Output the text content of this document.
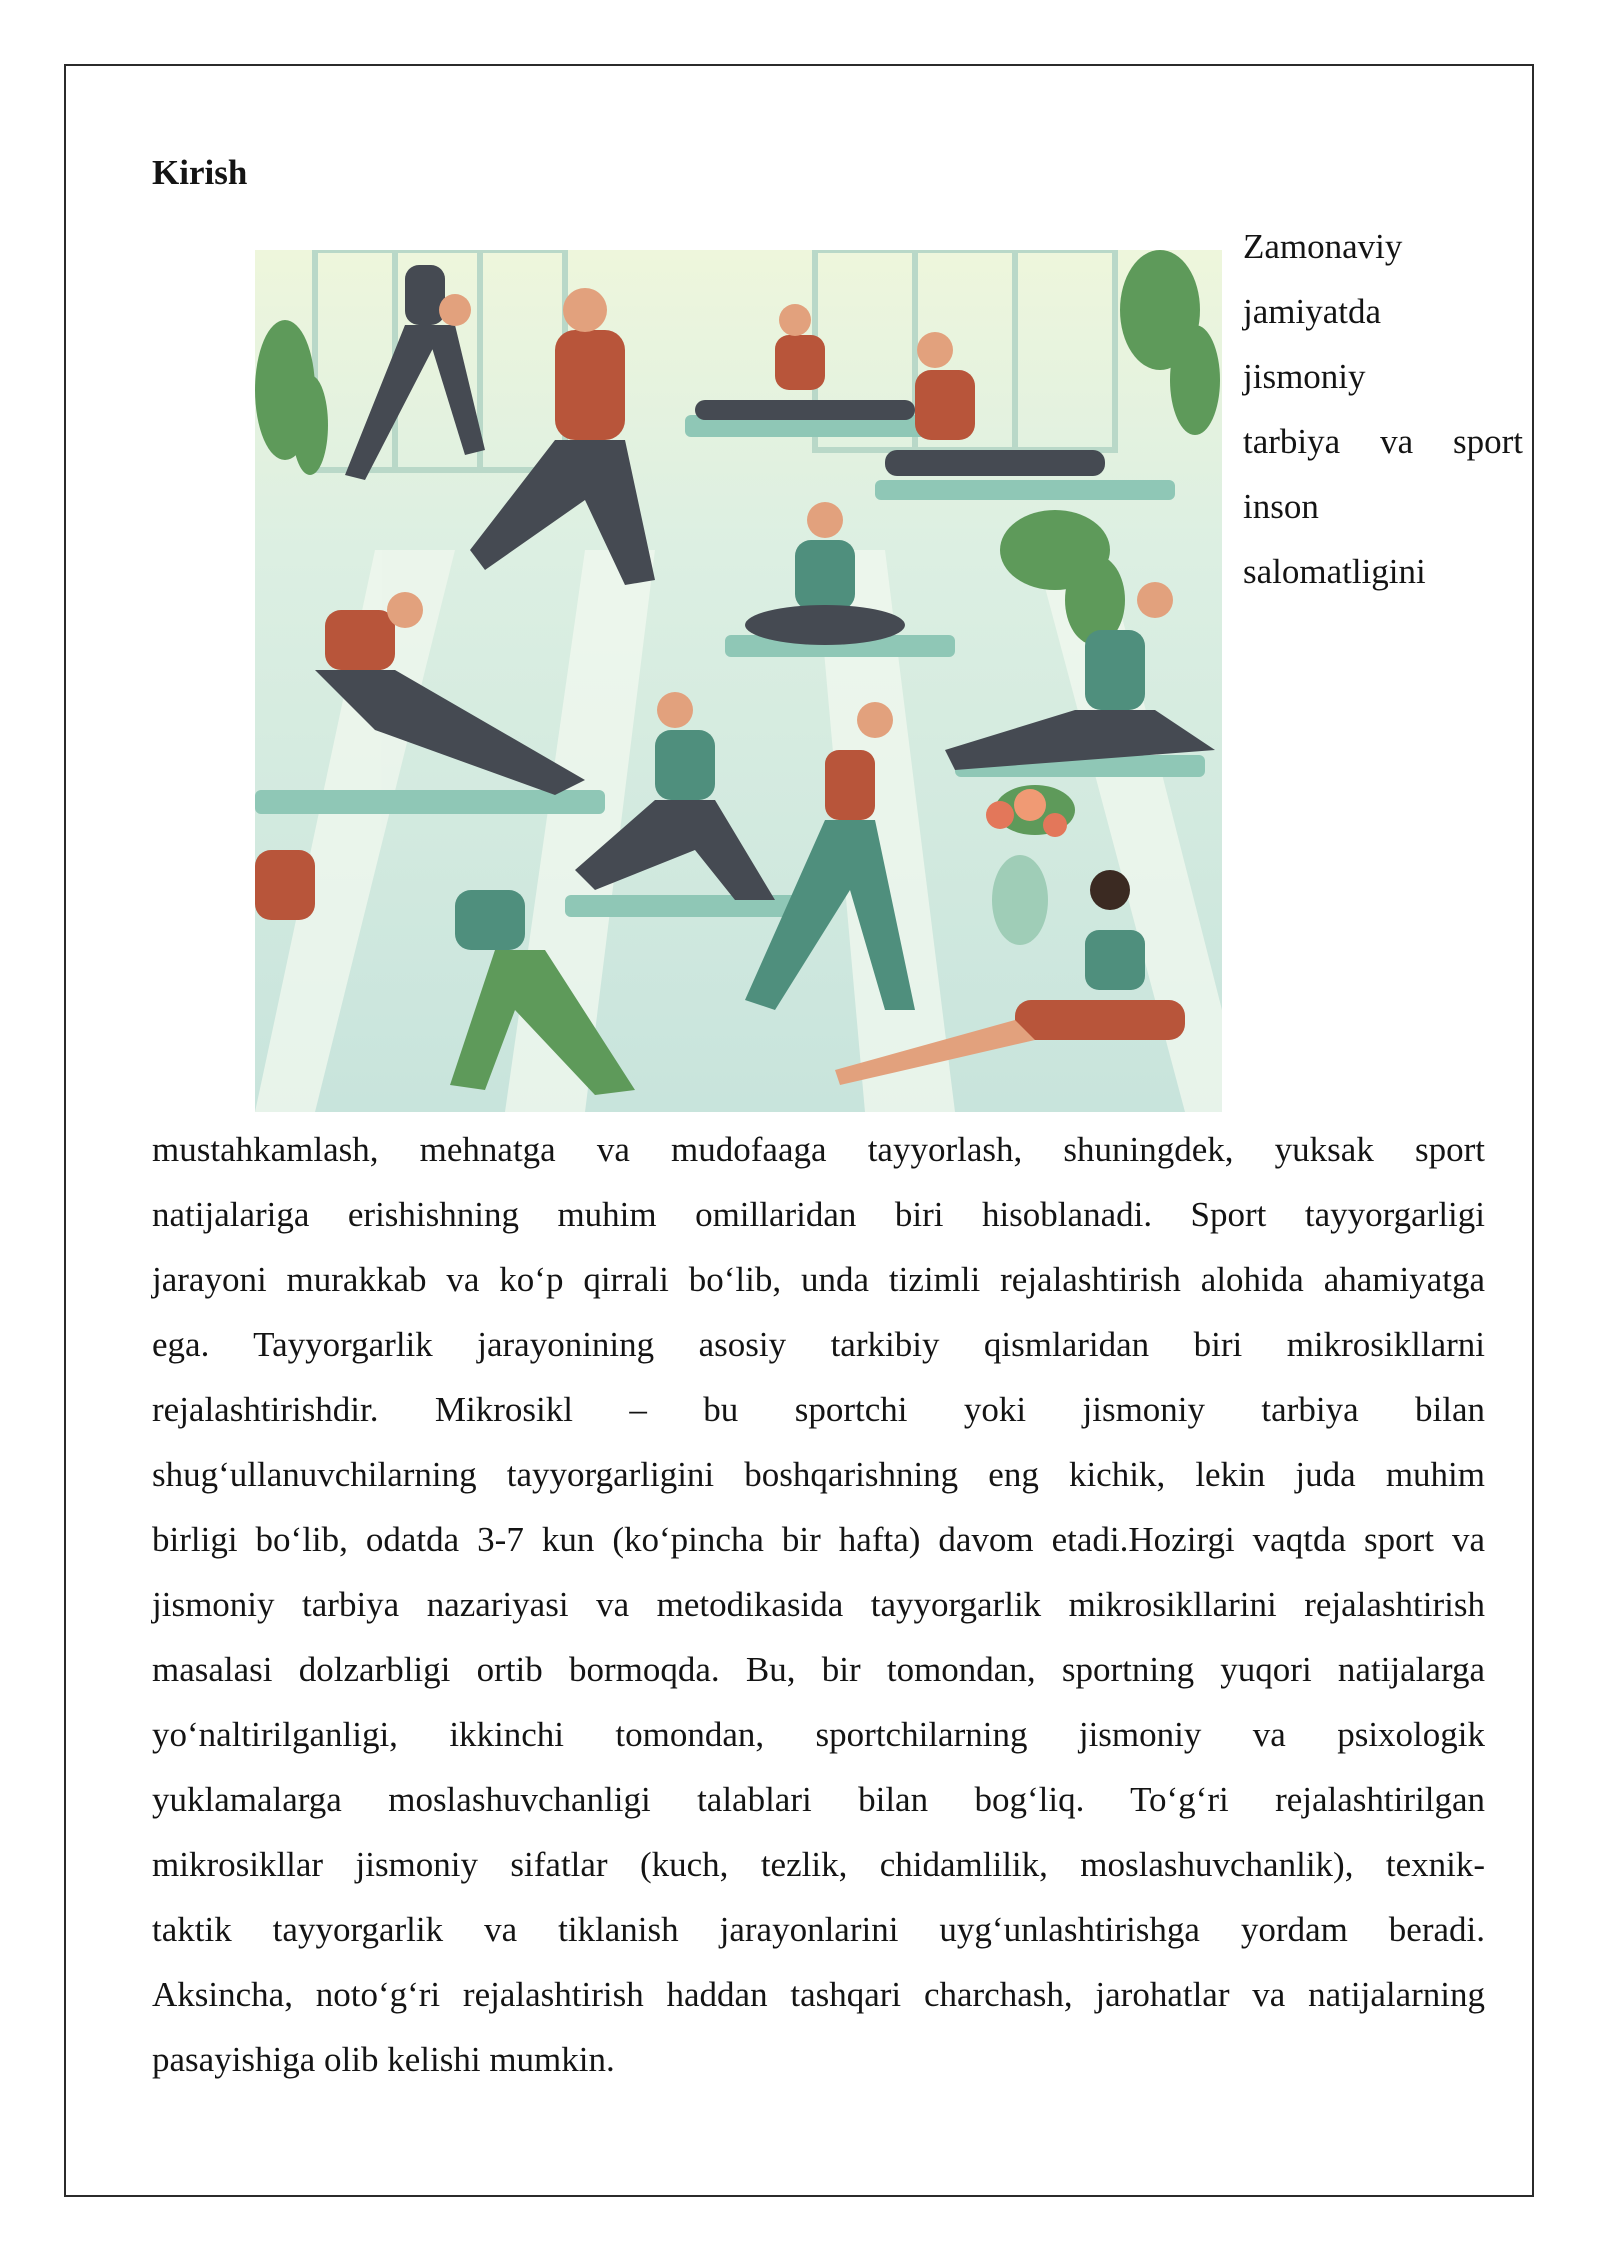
Kirish
Zamonaviy
jamiyatda
jismoniy
tarbiya va sport
inson
salomatligini
mustahkamlash, mehnatga va mudofaaga tayyorlash, shuningdek, yuksak sport
natijalariga erishishning muhim omillaridan biri hisoblanadi. Sport tayyorgarligi
jarayoni murakkab va ko‘p qirrali bo‘lib, unda tizimli rejalashtirish alohida ahamiyatga
ega. Tayyorgarlik jarayonining asosiy tarkibiy qismlaridan biri mikrosikllarni
rejalashtirishdir. Mikrosikl – bu sportchi yoki jismoniy tarbiya bilan
shug‘ullanuvchilarning tayyorgarligini boshqarishning eng kichik, lekin juda muhim
birligi bo‘lib, odatda 3-7 kun (ko‘pincha bir hafta) davom etadi.Hozirgi vaqtda sport va
jismoniy tarbiya nazariyasi va metodikasida tayyorgarlik mikrosikllarini rejalashtirish
masalasi dolzarbligi ortib bormoqda. Bu, bir tomondan, sportning yuqori natijalarga
yo‘naltirilganligi, ikkinchi tomondan, sportchilarning jismoniy va psixologik
yuklamalarga moslashuvchanligi talablari bilan bog‘liq. To‘g‘ri rejalashtirilgan
mikrosikllar jismoniy sifatlar (kuch, tezlik, chidamlilik, moslashuvchanlik), texnik-
taktik tayyorgarlik va tiklanish jarayonlarini uyg‘unlashtirishga yordam beradi.
Aksincha, noto‘g‘ri rejalashtirish haddan tashqari charchash, jarohatlar va natijalarning
pasayishiga olib kelishi mumkin.
